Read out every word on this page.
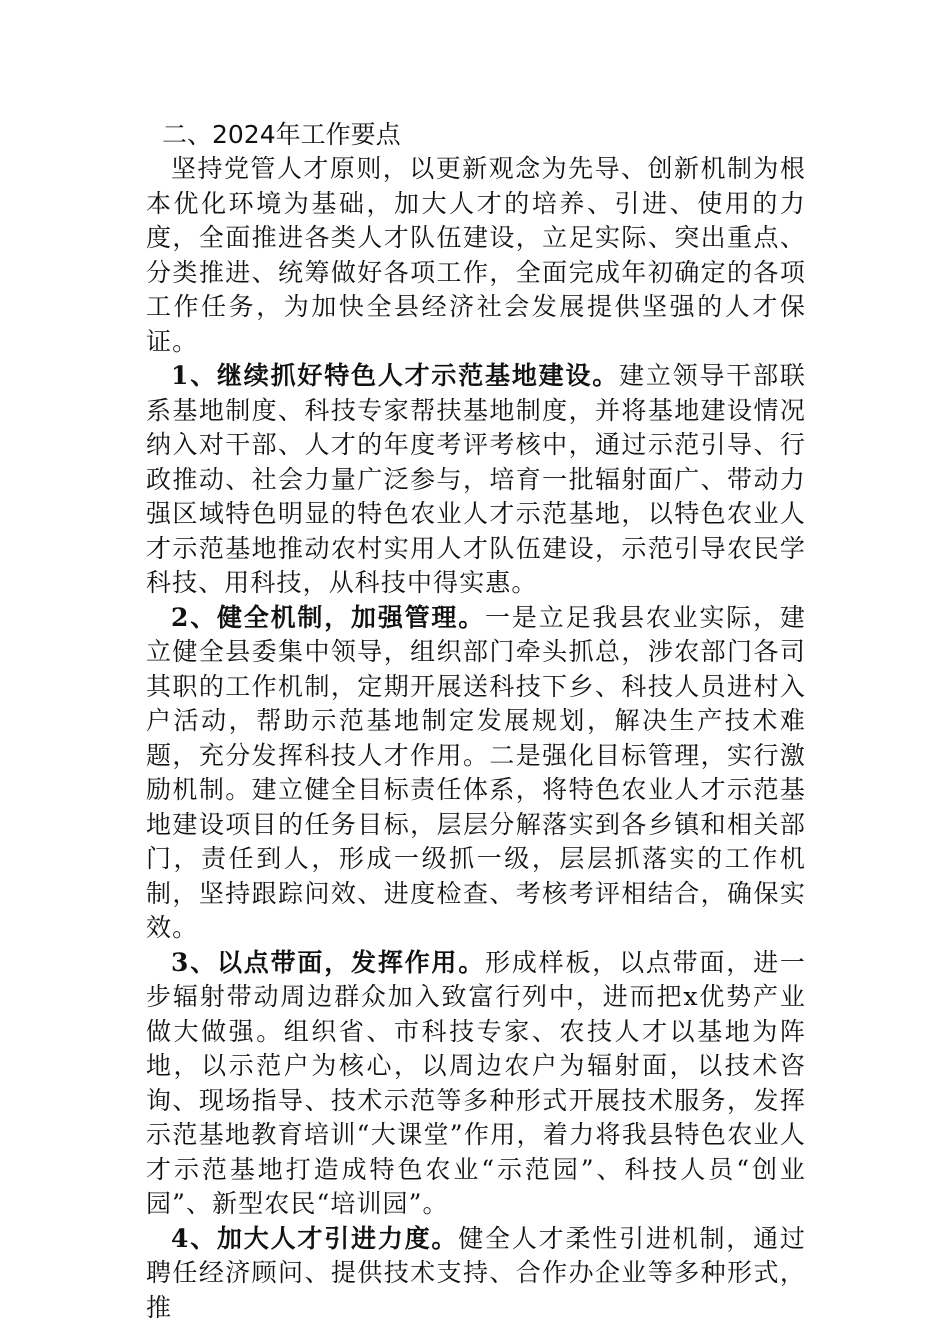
二、2024年工作要点

坚持党管人才原则，以更新观念为先导、创新机制为根本优化环境为基础，加大人才的培养、引进、使用的力度，全面推进各类人才队伍建设，立足实际、突出重点、分类推进、统筹做好各项工作，全面完成年初确定的各项工作任务，为加快全县经济社会发展提供坚强的人才保证。

1、继续抓好特色人才示范基地建设。建立领导干部联系基地制度、科技专家帮扶基地制度，并将基地建设情况纳入对干部、人才的年度考评考核中，通过示范引导、行政推动、社会力量广泛参与，培育一批辐射面广、带动力强区域特色明显的特色农业人才示范基地，以特色农业人才示范基地推动农村实用人才队伍建设，示范引导农民学科技、用科技，从科技中得实惠。

2、健全机制，加强管理。一是立足我县农业实际，建立健全县委集中领导，组织部门牵头抓总，涉农部门各司其职的工作机制，定期开展送科技下乡、科技人员进村入户活动，帮助示范基地制定发展规划，解决生产技术难题，充分发挥科技人才作用。二是强化目标管理，实行激励机制。建立健全目标责任体系，将特色农业人才示范基地建设项目的任务目标，层层分解落实到各乡镇和相关部门，责任到人，形成一级抓一级，层层抓落实的工作机制，坚持跟踪问效、进度检查、考核考评相结合，确保实效。

3、以点带面，发挥作用。形成样板，以点带面，进一步辐射带动周边群众加入致富行列中，进而把x优势产业做大做强。组织省、市科技专家、农技人才以基地为阵地，以示范户为核心，以周边农户为辐射面，以技术咨询、现场指导、技术示范等多种形式开展技术服务，发挥示范基地教育培训“大课堂”作用，着力将我县特色农业人才示范基地打造成特色农业“示范园”、科技人员“创业园”、新型农民“培训园”。

4、加大人才引进力度。健全人才柔性引进机制，通过聘任经济顾问、提供技术支持、合作办企业等多种形式，推
